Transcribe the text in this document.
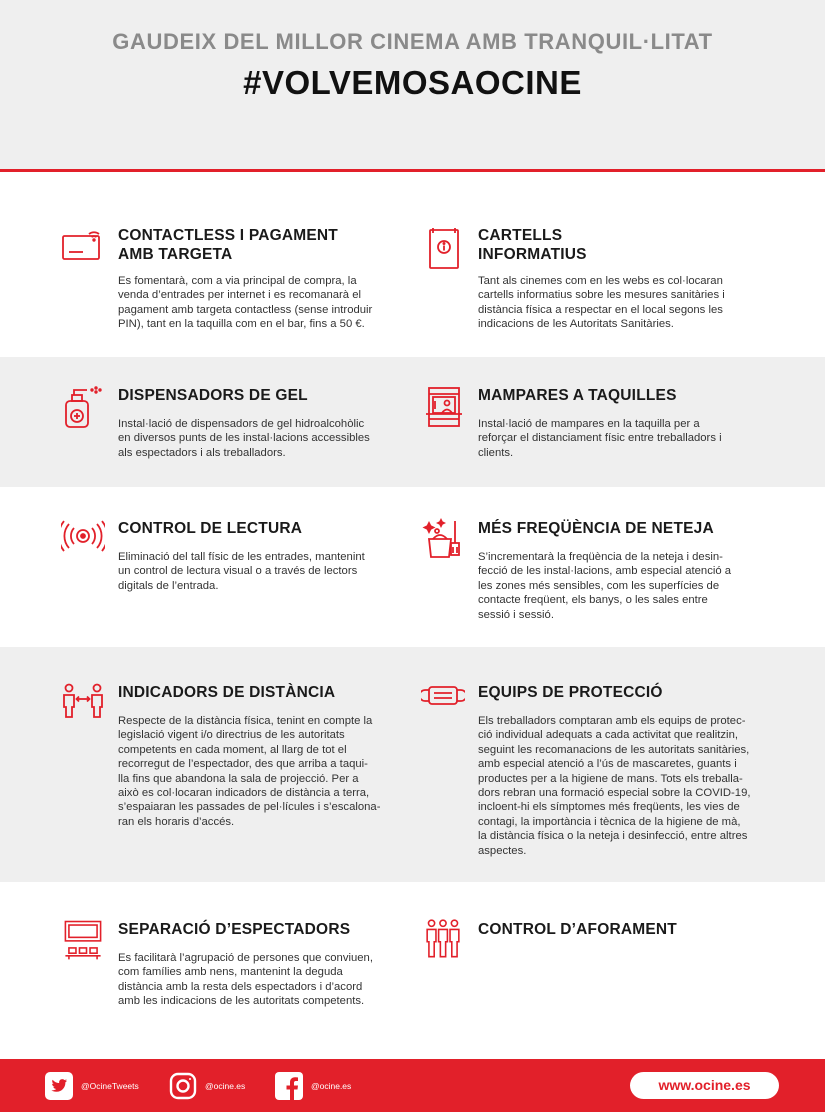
GAUDEIX DEL MILLOR CINEMA AMB TRANQUIL·LITAT
#VOLVEMOSAOCINE
CONTACTLESS I PAGAMENT
AMB TARGETA
Es fomentarà, com a via principal de compra, la
venda d’entrades per internet i es recomanarà el
pagament amb targeta contactless (sense introduir
PIN), tant en la taquilla com en el bar, fins a 50 €.
CARTELLS
INFORMATIUS
Tant als cinemes com en les webs es col·locaran
cartells informatius sobre les mesures sanitàries i
distància física a respectar en el local segons les
indicacions de les Autoritats Sanitàries.
DISPENSADORS DE GEL
Instal·lació de dispensadors de gel hidroalcohòlic
en diversos punts de les instal·lacions accessibles
als espectadors i als treballadors.
MAMPARES A TAQUILLES
Instal·lació de mampares en la taquilla per a
reforçar el distanciament físic entre treballadors i
clients.
CONTROL DE LECTURA
Eliminació del tall físic de les entrades, mantenint
un control de lectura visual o a través de lectors
digitals de l’entrada.
MÉS FREQÜÈNCIA DE NETEJA
S’incrementarà la freqüència de la neteja i desin-
fecció de les instal·lacions, amb especial atenció a
les zones més sensibles, com les superfícies de
contacte freqüent, els banys, o les sales entre
sessió i sessió.
INDICADORS DE DISTÀNCIA
Respecte de la distància física, tenint en compte la
legislació vigent i/o directrius de les autoritats
competents en cada moment, al llarg de tot el
recorregut de l’espectador, des que arriba a taqui-
lla fins que abandona la sala de projecció. Per a
això es col·locaran indicadors de distància a terra,
s’espaiaran les passades de pel·lícules i s’escalona-
ran els horaris d’accés.
EQUIPS DE PROTECCIÓ
Els treballadors comptaran amb els equips de protec-
ció individual adequats a cada activitat que realitzin,
seguint les recomanacions de les autoritats sanitàries,
amb especial atenció a l’ús de mascaretes, guants i
productes per a la higiene de mans. Tots els treballa-
dors rebran una formació especial sobre la COVID-19,
incloent-hi els símptomes més freqüents, les vies de
contagi, la importància i tècnica de la higiene de mà,
la distància física o la neteja i desinfecció, entre altres
aspectes.
SEPARACIÓ D’ESPECTADORS
Es facilitarà l’agrupació de persones que conviuen,
com famílies amb nens, mantenint la deguda
distància amb la resta dels espectadors i d’acord
amb les indicacions de les autoritats competents.
CONTROL D’AFORAMENT
@OcineTweets	@ocine.es	@ocine.es	www.ocine.es
